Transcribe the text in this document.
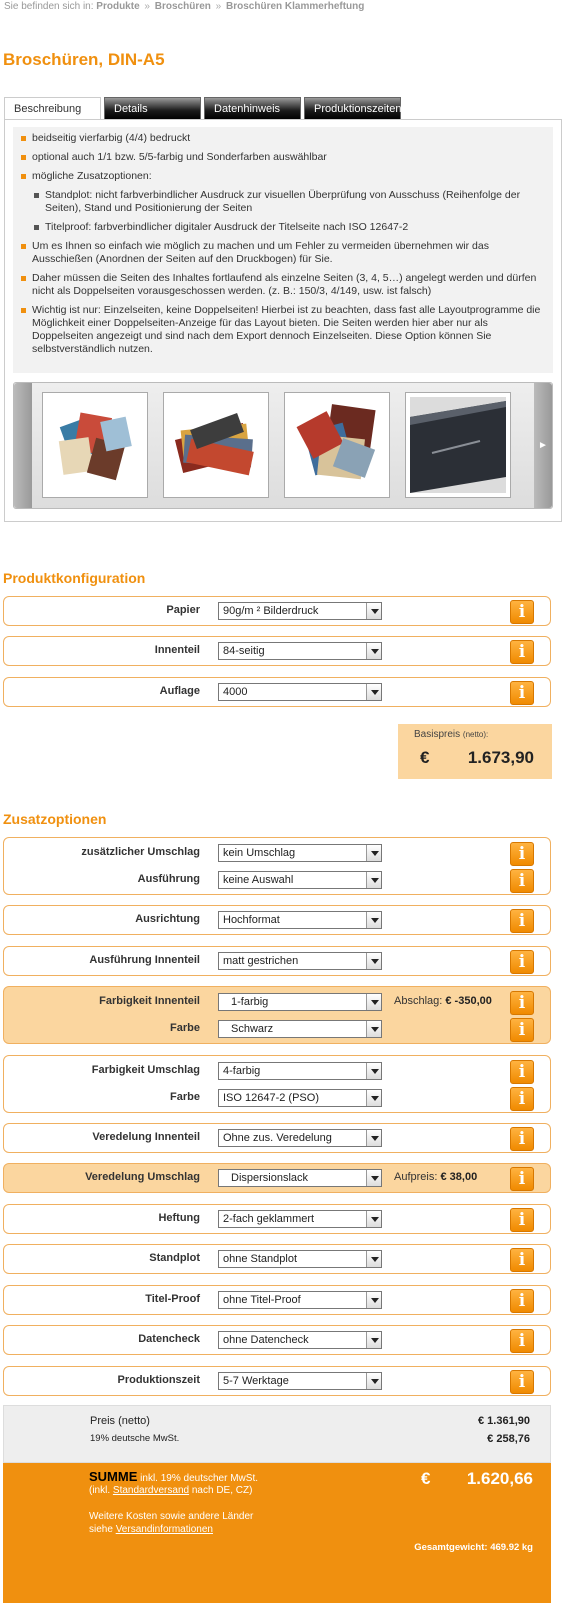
Sie befinden sich in: Produkte » Broschüren » Broschüren Klammerheftung
Broschüren, DIN-A5
Beschreibung	Details	Datenhinweis	Produktionszeiten
beidseitig vierfarbig (4/4) bedruckt
optional auch 1/1 bzw. 5/5-farbig und Sonderfarben auswählbar
mögliche Zusatzoptionen:
Standplot: nicht farbverbindlicher Ausdruck zur visuellen Überprüfung von Ausschuss (Reihenfolge der Seiten), Stand und Positionierung der Seiten
Titelproof: farbverbindlicher digitaler Ausdruck der Titelseite nach ISO 12647-2
Um es Ihnen so einfach wie möglich zu machen und um Fehler zu vermeiden übernehmen wir das Ausschießen (Anordnen der Seiten auf den Druckbogen) für Sie.
Daher müssen die Seiten des Inhaltes fortlaufend als einzelne Seiten (3, 4, 5…) angelegt werden und dürfen nicht als Doppelseiten vorausgeschossen werden. (z. B.: 150/3, 4/149, usw. ist falsch)
Wichtig ist nur: Einzelseiten, keine Doppelseiten! Hierbei ist zu beachten, dass fast alle Layoutprogramme die Möglichkeit einer Doppelseiten-Anzeige für das Layout bieten. Die Seiten werden hier aber nur als Doppelseiten angezeigt und sind nach dem Export dennoch Einzelseiten. Diese Option können Sie selbstverständlich nutzen.
►
Produktkonfiguration
Papier	90g/m ² Bilderdruck	i
Innenteil	84-seitig	i
Auflage	4000	i
Basispreis (netto):
€ 1.673,90
Zusatzoptionen
zusätzlicher Umschlag	kein Umschlag	i
Ausführung	keine Auswahl	i
Ausrichtung	Hochformat	i
Ausführung Innenteil	matt gestrichen	i
Farbigkeit Innenteil	1-farbig	Abschlag: € -350,00	i
Farbe	Schwarz	i
Farbigkeit Umschlag	4-farbig	i
Farbe	ISO 12647-2 (PSO)	i
Veredelung Innenteil	Ohne zus. Veredelung	i
Veredelung Umschlag	Dispersionslack	Aufpreis: € 38,00	i
Heftung	2-fach geklammert	i
Standplot	ohne Standplot	i
Titel-Proof	ohne Titel-Proof	i
Datencheck	ohne Datencheck	i
Produktionszeit	5-7 Werktage	i
Preis (netto)	€ 1.361,90
19% deutsche MwSt.	€ 258,76
SUMME inkl. 19% deutscher MwSt.
(inkl. Standardversand nach DE, CZ)
Weitere Kosten sowie andere Länder
siehe Versandinformationen
€ 1.620,66
Gesamtgewicht: 469.92 kg
